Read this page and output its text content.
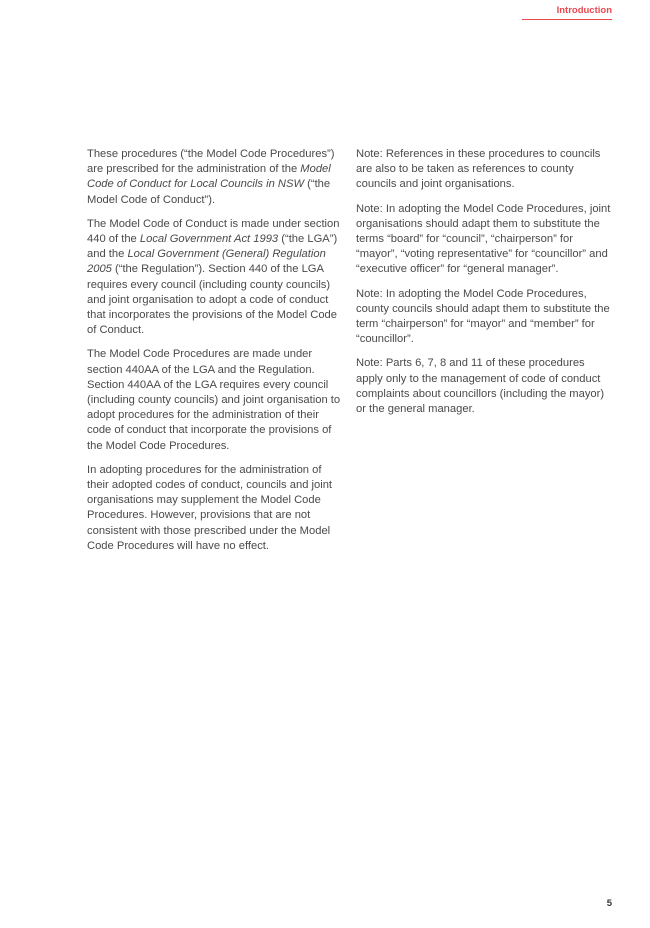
Introduction

These procedures (“the Model Code Procedures”) are prescribed for the administration of the Model Code of Conduct for Local Councils in NSW (“the Model Code of Conduct”).

The Model Code of Conduct is made under section 440 of the Local Government Act 1993 (“the LGA”) and the Local Government (General) Regulation 2005 (“the Regulation”). Section 440 of the LGA requires every council (including county councils) and joint organisation to adopt a code of conduct that incorporates the provisions of the Model Code of Conduct.

The Model Code Procedures are made under section 440AA of the LGA and the Regulation. Section 440AA of the LGA requires every council (including county councils) and joint organisation to adopt procedures for the administration of their code of conduct that incorporate the provisions of the Model Code Procedures.

In adopting procedures for the administration of their adopted codes of conduct, councils and joint organisations may supplement the Model Code Procedures. However, provisions that are not consistent with those prescribed under the Model Code Procedures will have no effect.

Note: References in these procedures to councils are also to be taken as references to county councils and joint organisations.

Note: In adopting the Model Code Procedures, joint organisations should adapt them to substitute the terms “board” for “council”, “chairperson” for “mayor”, “voting representative” for “councillor” and “executive officer” for “general manager”.

Note: In adopting the Model Code Procedures, county councils should adapt them to substitute the term “chairperson” for “mayor” and “member” for “councillor”.

Note: Parts 6, 7, 8 and 11 of these procedures apply only to the management of code of conduct complaints about councillors (including the mayor) or the general manager.

5
